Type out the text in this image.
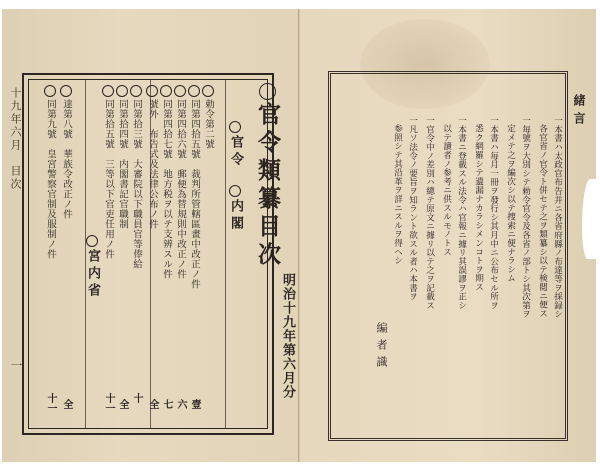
十九年六月　目次
一
官令類纂目次
明治十九年第六月分
官令
内閣
宮内省
勅令第二號
同第四拾五號　裁判所管轄區畫中改正ノ件
壹
同第四拾六號　郵便為替規則中改正ノ件
六
同第四拾七號　地方税ヲ以テ支辨スル件
七
號外　布告式及法律公布ノ件
全
同第拾三號　大審院以下職員官等俸給
十
同第拾四號　内閣書記官職制
全
同第拾五號　三等以下官吏任用ノ件
十一
達第八號　華族令改正ノ件
全
同第九號　皇宮警察官制及服制ノ件
十一
緒言
一本書ハ太政官布告并ニ各省府縣ノ布達等ヲ採録シ
各官省ノ官令ト併セテ之ヲ類纂シ以テ検閲ニ便ス
一毎號ヲ大別シテ勅令官令及各省ノ部トシ其次第ヲ
定メテ之ヲ編次シ以テ捜索ニ便ナラシム
一本書ハ毎月一冊ヲ發行シ其月中ニ公布セル所ヲ
悉ク網羅シテ遺漏ナカラシメンコトヲ期ス
一本書ニ登載スル法令ハ官報ニ據リ其誤謬ヲ正シ
以テ讀者ノ参考ニ供スルモノトス
一官令中ノ差別ハ總テ原文ニ據リ以テ之ヲ記載ス
一凡ソ法令ノ要旨ヲ知ラント欲スル者ハ本書ヲ
参照シテ其沿革ヲ詳ニスルヲ得ヘシ
編者識
